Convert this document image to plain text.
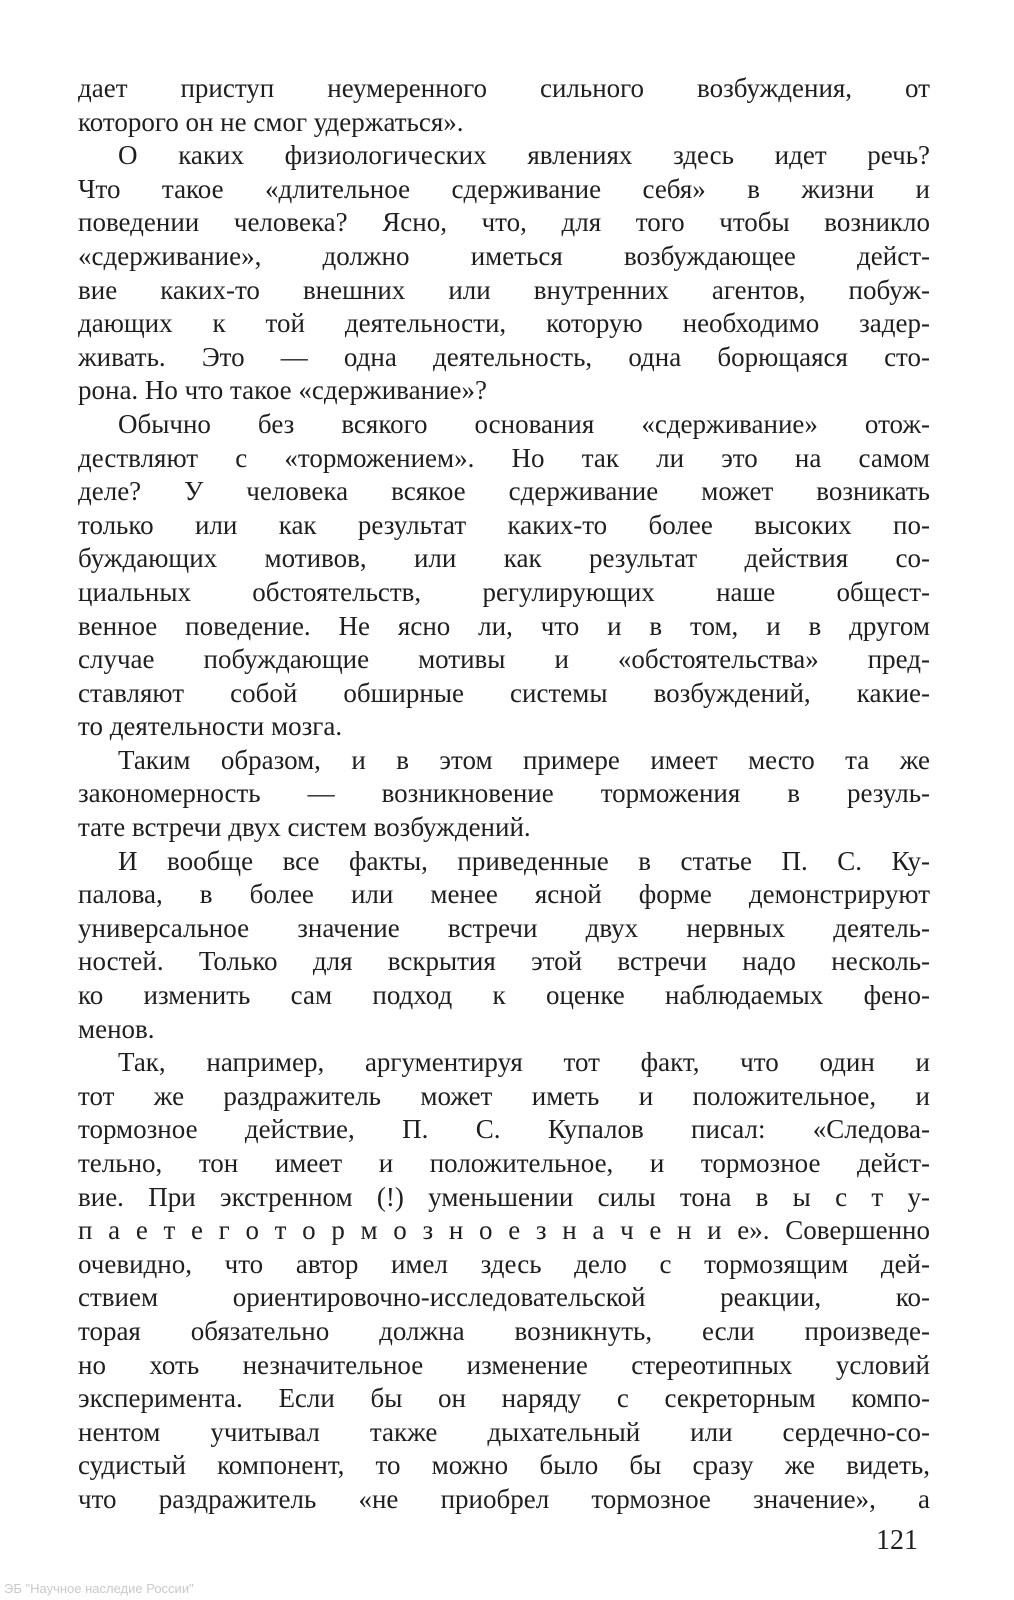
дает приступ неумеренного сильного возбуждения, от
которого он не смог удержаться».
О каких физиологических явлениях здесь идет речь?
Что такое «длительное сдерживание себя» в жизни и
поведении человека? Ясно, что, для того чтобы возникло
«сдерживание», должно иметься возбуждающее дейст-
вие каких-то внешних или внутренних агентов, побуж-
дающих к той деятельности, которую необходимо задер-
живать. Это — одна деятельность, одна борющаяся сто-
рона. Но что такое «сдерживание»?
Обычно без всякого основания «сдерживание» отож-
дествляют с «торможением». Но так ли это на самом
деле? У человека всякое сдерживание может возникать
только или как результат каких-то более высоких по-
буждающих мотивов, или как результат действия со-
циальных обстоятельств, регулирующих наше общест-
венное поведение. Не ясно ли, что и в том, и в другом
случае побуждающие мотивы и «обстоятельства» пред-
ставляют собой обширные системы возбуждений, какие-
то деятельности мозга.
Таким образом, и в этом примере имеет место та же
закономерность — возникновение торможения в резуль-
тате встречи двух систем возбуждений.
И вообще все факты, приведенные в статье П. С. Ку-
палова, в более или менее ясной форме демонстрируют
универсальное значение встречи двух нервных деятель-
ностей. Только для вскрытия этой встречи надо несколь-
ко изменить сам подход к оценке наблюдаемых фено-
менов.
Так, например, аргументируя тот факт, что один и
тот же раздражитель может иметь и положительное, и
тормозное действие, П. С. Купалов писал: «Следова-
тельно, тон имеет и положительное, и тормозное дейст-
вие. При экстренном (!) уменьшении силы тона в ы с т у-
п а е т е г о т о р м о з н о е з н а ч е н и е». Совершенно
очевидно, что автор имел здесь дело с тормозящим дей-
ствием ориентировочно-исследовательской реакции, ко-
торая обязательно должна возникнуть, если произведе-
но хоть незначительное изменение стереотипных условий
эксперимента. Если бы он наряду с секреторным компо-
нентом учитывал также дыхательный или сердечно-со-
судистый компонент, то можно было бы сразу же видеть,
что раздражитель «не приобрел тормозное значение», а
121
ЭБ "Научное наследие России"
